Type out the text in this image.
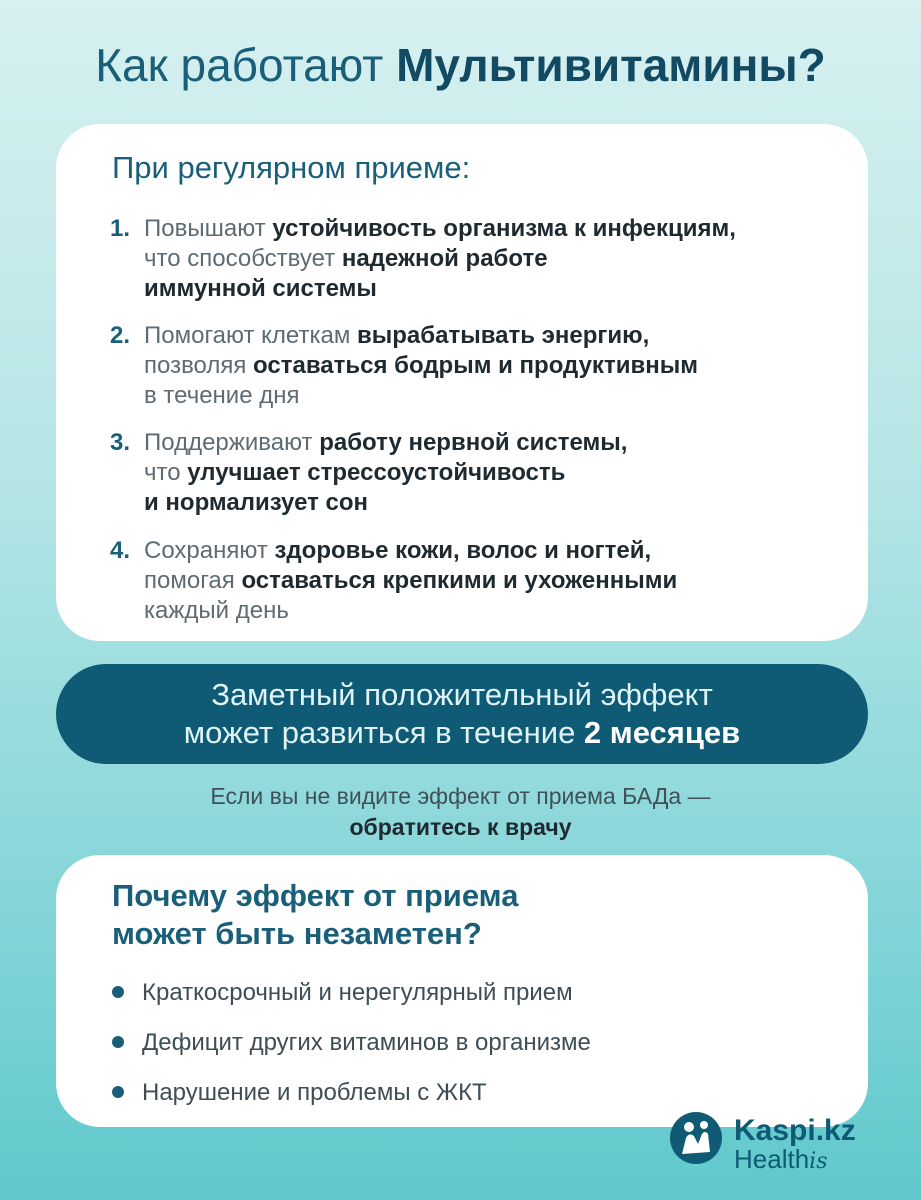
Как работают Мультивитамины?
При регулярном приеме:
1. Повышают устойчивость организма к инфекциям,
что способствует надежной работе
иммунной системы
2. Помогают клеткам вырабатывать энергию,
позволяя оставаться бодрым и продуктивным
в течение дня
3. Поддерживают работу нервной системы,
что улучшает стрессоустойчивость
и нормализует сон
4. Сохраняют здоровье кожи, волос и ногтей,
помогая оставаться крепкими и ухоженными
каждый день
Заметный положительный эффект
может развиться в течение 2 месяцев
Если вы не видите эффект от приема БАДа —
обратитесь к врачу
Почему эффект от приема
может быть незаметен?
Краткосрочный и нерегулярный прием
Дефицит других витаминов в организме
Нарушение и проблемы с ЖКТ
Kaspi.kz
Healthis
